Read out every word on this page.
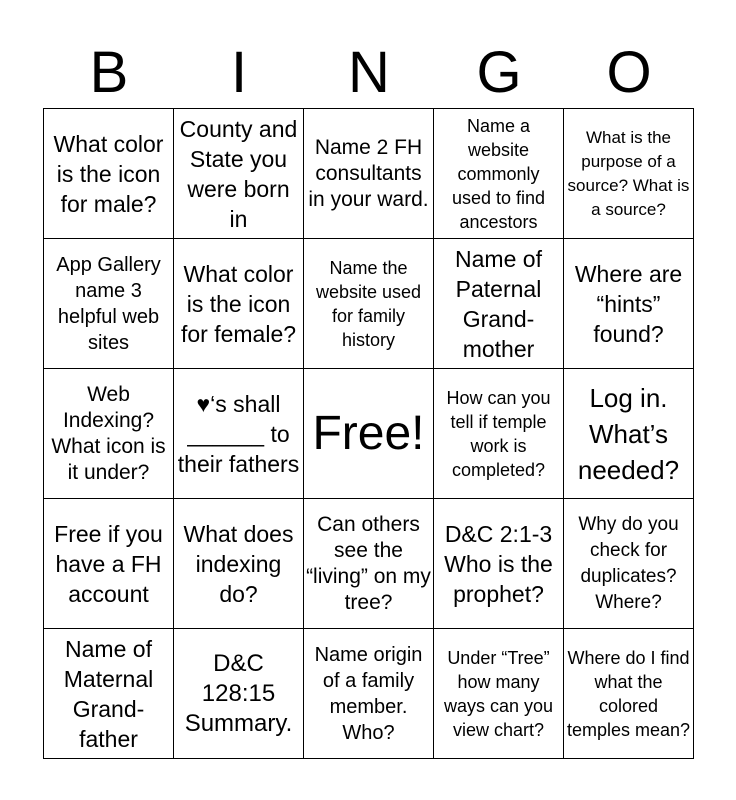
B	I	N	G	O
What color is the icon for male?	County and State you were born in	Name 2 FH consultants in your ward.	Name a website commonly used to find ancestors	What is the purpose of a source? What is a source?

App Gallery name 3 helpful web sites	What color is the icon for female?	Name the website used for family history	Name of Paternal Grand-mother	Where are “hints” found?

Web Indexing? What icon is it under?	♥‘s shall ______ to their fathers	Free!	How can you tell if temple work is completed?	Log in. What’s needed?

Free if you have a FH account	What does indexing do?	Can others see the “living” on my tree?	D&C 2:1-3 Who is the prophet?	Why do you check for duplicates? Where?

Name of Maternal Grand-father	D&C 128:15 Summary.	Name origin of a family member. Who?	Under “Tree” how many ways can you view chart?	Where do I find what the colored temples mean?
